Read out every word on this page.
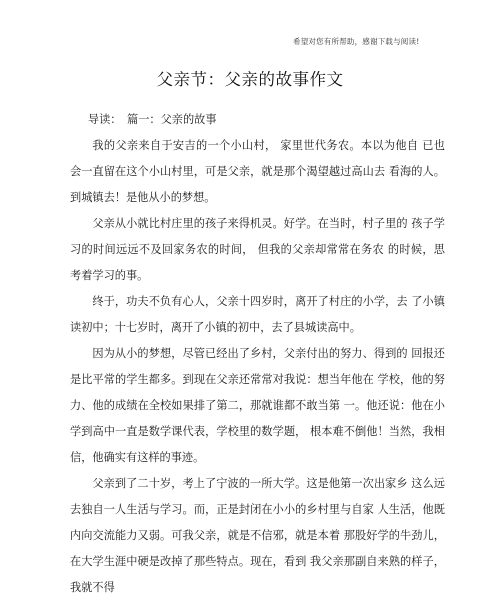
希望对您有所帮助，感谢下载与阅读!
父亲节：父亲的故事作文

导读：　篇一：父亲的故事

我的父亲来自于安吉的一个小山村， 家里世代务农。本以为他自 已也会一直留在这个小山村里，可是父亲，就是那个渴望越过高山去 看海的人。到城镇去！是他从小的梦想。

父亲从小就比村庄里的孩子来得机灵。好学。在当时，村子里的 孩子学习的时间远远不及回家务农的时间， 但我的父亲却常常在务农 的时候，思考着学习的事。

终于，功夫不负有心人，父亲十四岁时，离开了村庄的小学，去 了小镇读初中；十七岁时，离开了小镇的初中，去了县城读高中。

因为从小的梦想，尽管已经出了乡村，父亲付出的努力、得到的 回报还是比平常的学生都多。到现在父亲还常常对我说：想当年他在 学校，他的努力、他的成绩在全校如果排了第二，那就谁都不敢当第 一。他还说：他在小学到高中一直是数学课代表，学校里的数学题， 根本难不倒他！当然，我相信，他确实有这样的事迹。

父亲到了二十岁，考上了宁波的一所大学。这是他第一次出家乡 这么远去独自一人生活与学习。而，正是封闭在小小的乡村里与自家 人生活，他既内向交流能力又弱。可我父亲，就是不信邪，就是本着 那股好学的牛劲儿，在大学生涯中硬是改掉了那些特点。现在，看到 我父亲那副自来熟的样子，我就不得
